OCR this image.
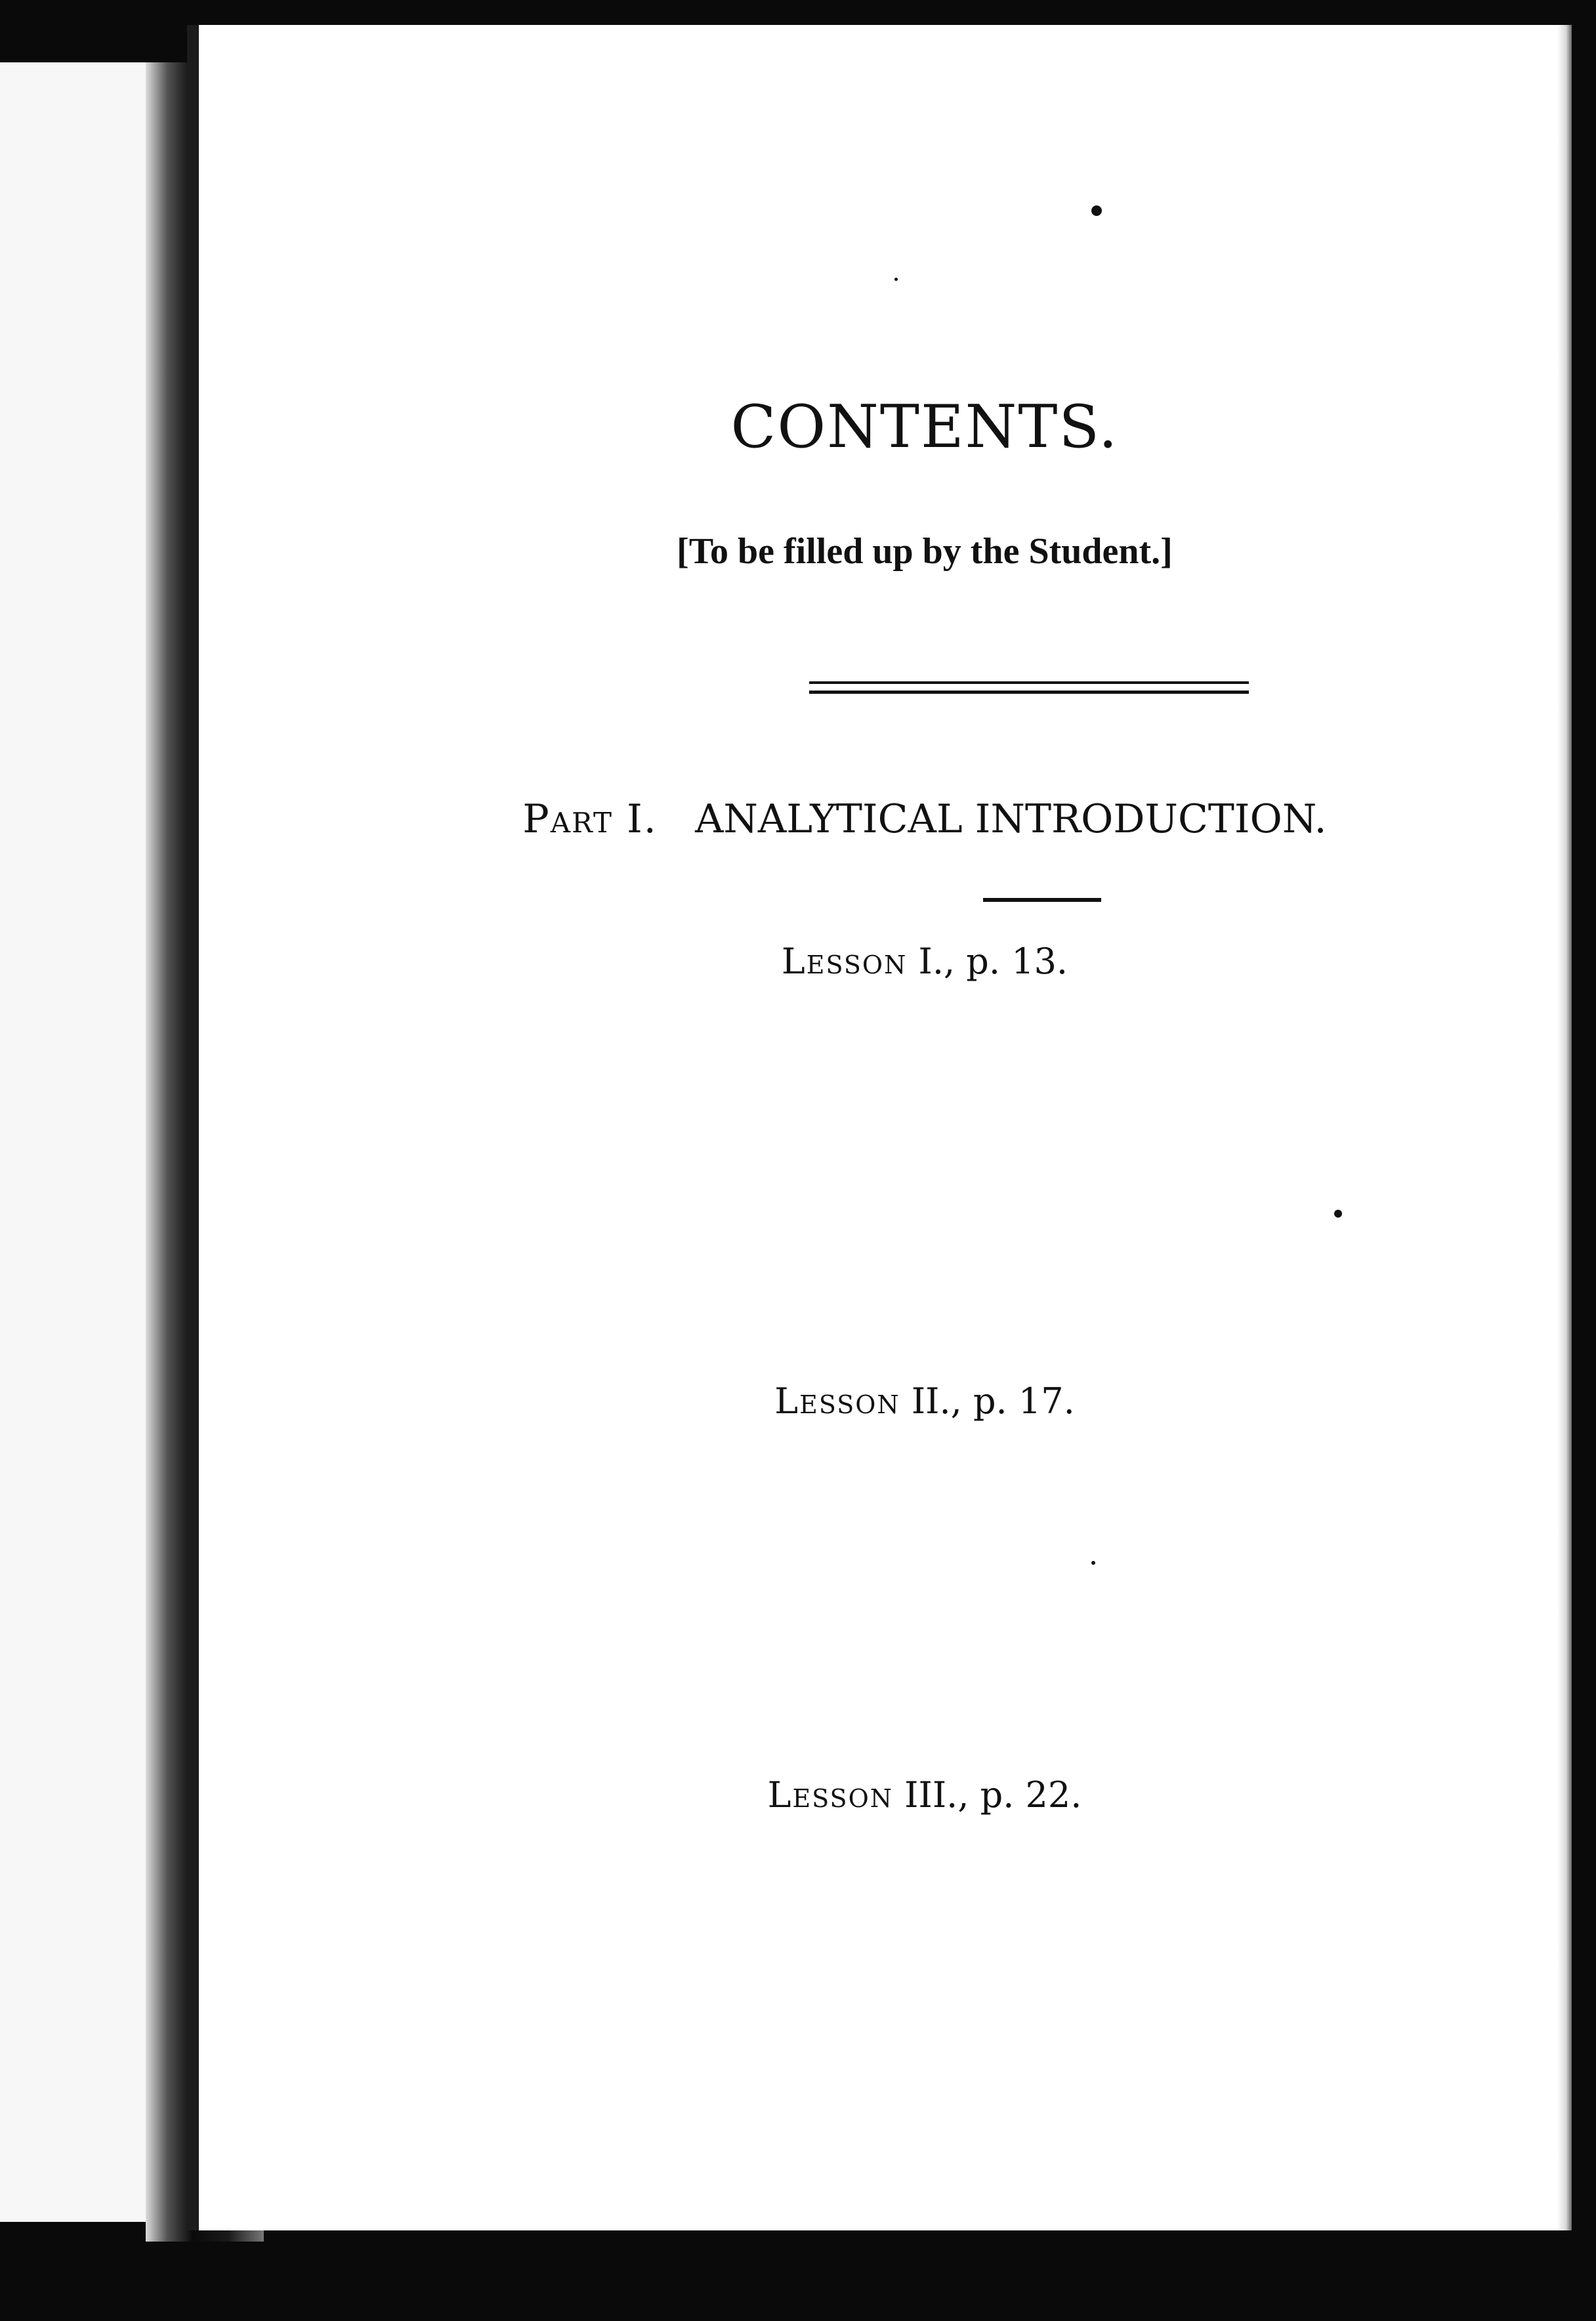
CONTENTS.
[To be filled up by the Student.]
Part I. ANALYTICAL INTRODUCTION.
Lesson I., p. 13.
Lesson II., p. 17.
Lesson III., p. 22.
